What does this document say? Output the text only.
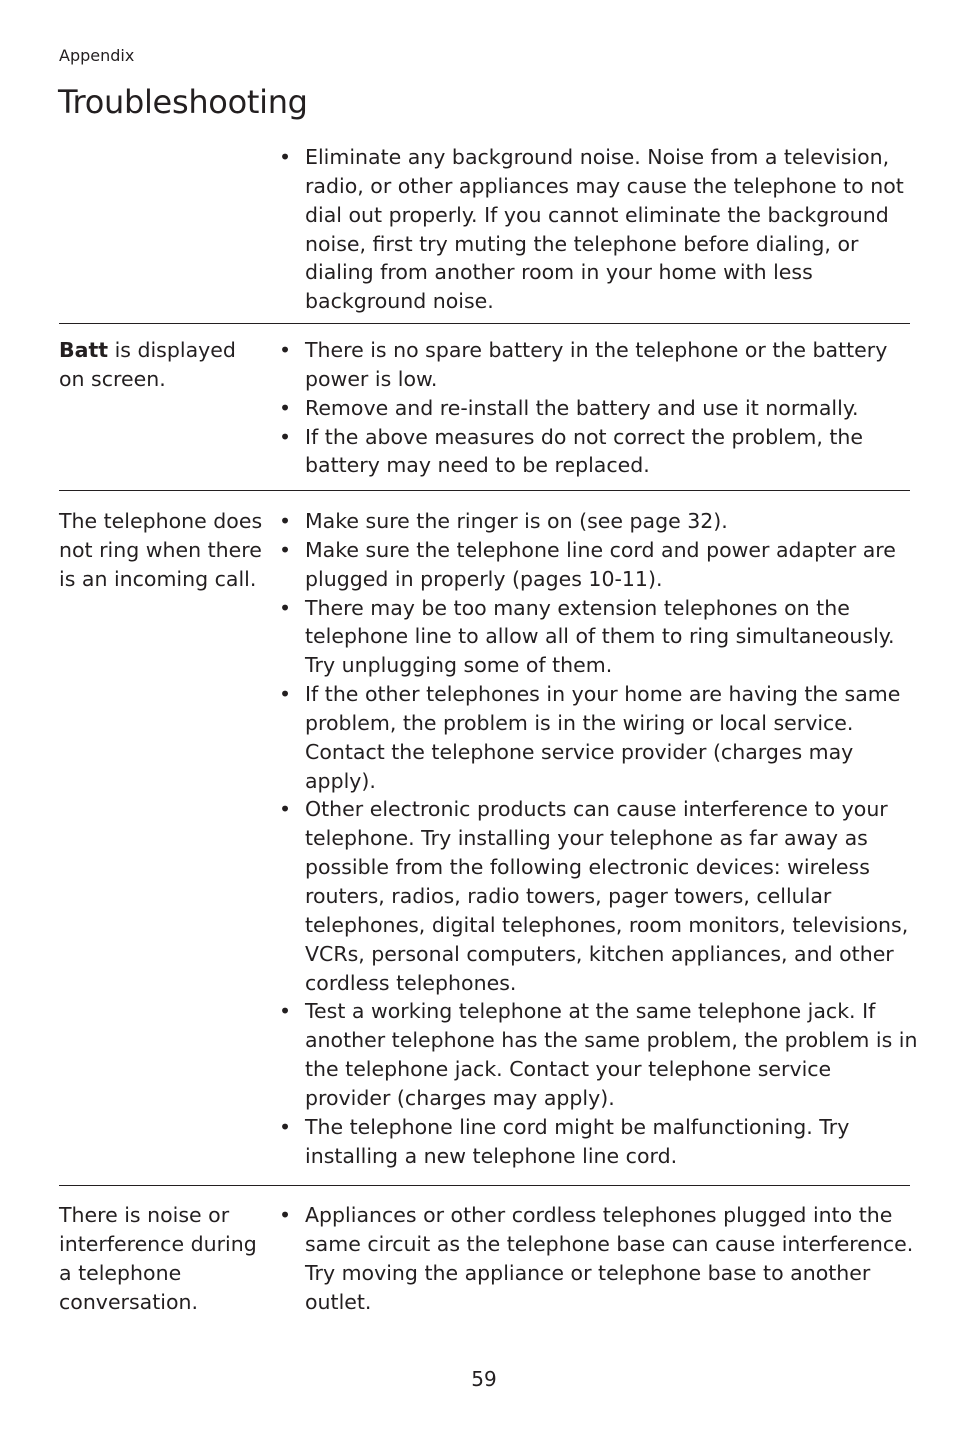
Appendix
Troubleshooting
• Eliminate any background noise. Noise from a television, radio, or other appliances may cause the telephone to not dial out properly. If you cannot eliminate the background noise, first try muting the telephone before dialing, or dialing from another room in your home with less background noise.
Batt is displayed on screen.
• There is no spare battery in the telephone or the battery power is low.
• Remove and re-install the battery and use it normally.
• If the above measures do not correct the problem, the battery may need to be replaced.
The telephone does not ring when there is an incoming call.
• Make sure the ringer is on (see page 32).
• Make sure the telephone line cord and power adapter are plugged in properly (pages 10-11).
• There may be too many extension telephones on the telephone line to allow all of them to ring simultaneously. Try unplugging some of them.
• If the other telephones in your home are having the same problem, the problem is in the wiring or local service. Contact the telephone service provider (charges may apply).
• Other electronic products can cause interference to your telephone. Try installing your telephone as far away as possible from the following electronic devices: wireless routers, radios, radio towers, pager towers, cellular telephones, digital telephones, room monitors, televisions, VCRs, personal computers, kitchen appliances, and other cordless telephones.
• Test a working telephone at the same telephone jack. If another telephone has the same problem, the problem is in the telephone jack. Contact your telephone service provider (charges may apply).
• The telephone line cord might be malfunctioning. Try installing a new telephone line cord.
There is noise or interference during a telephone conversation.
• Appliances or other cordless telephones plugged into the same circuit as the telephone base can cause interference. Try moving the appliance or telephone base to another outlet.
59
